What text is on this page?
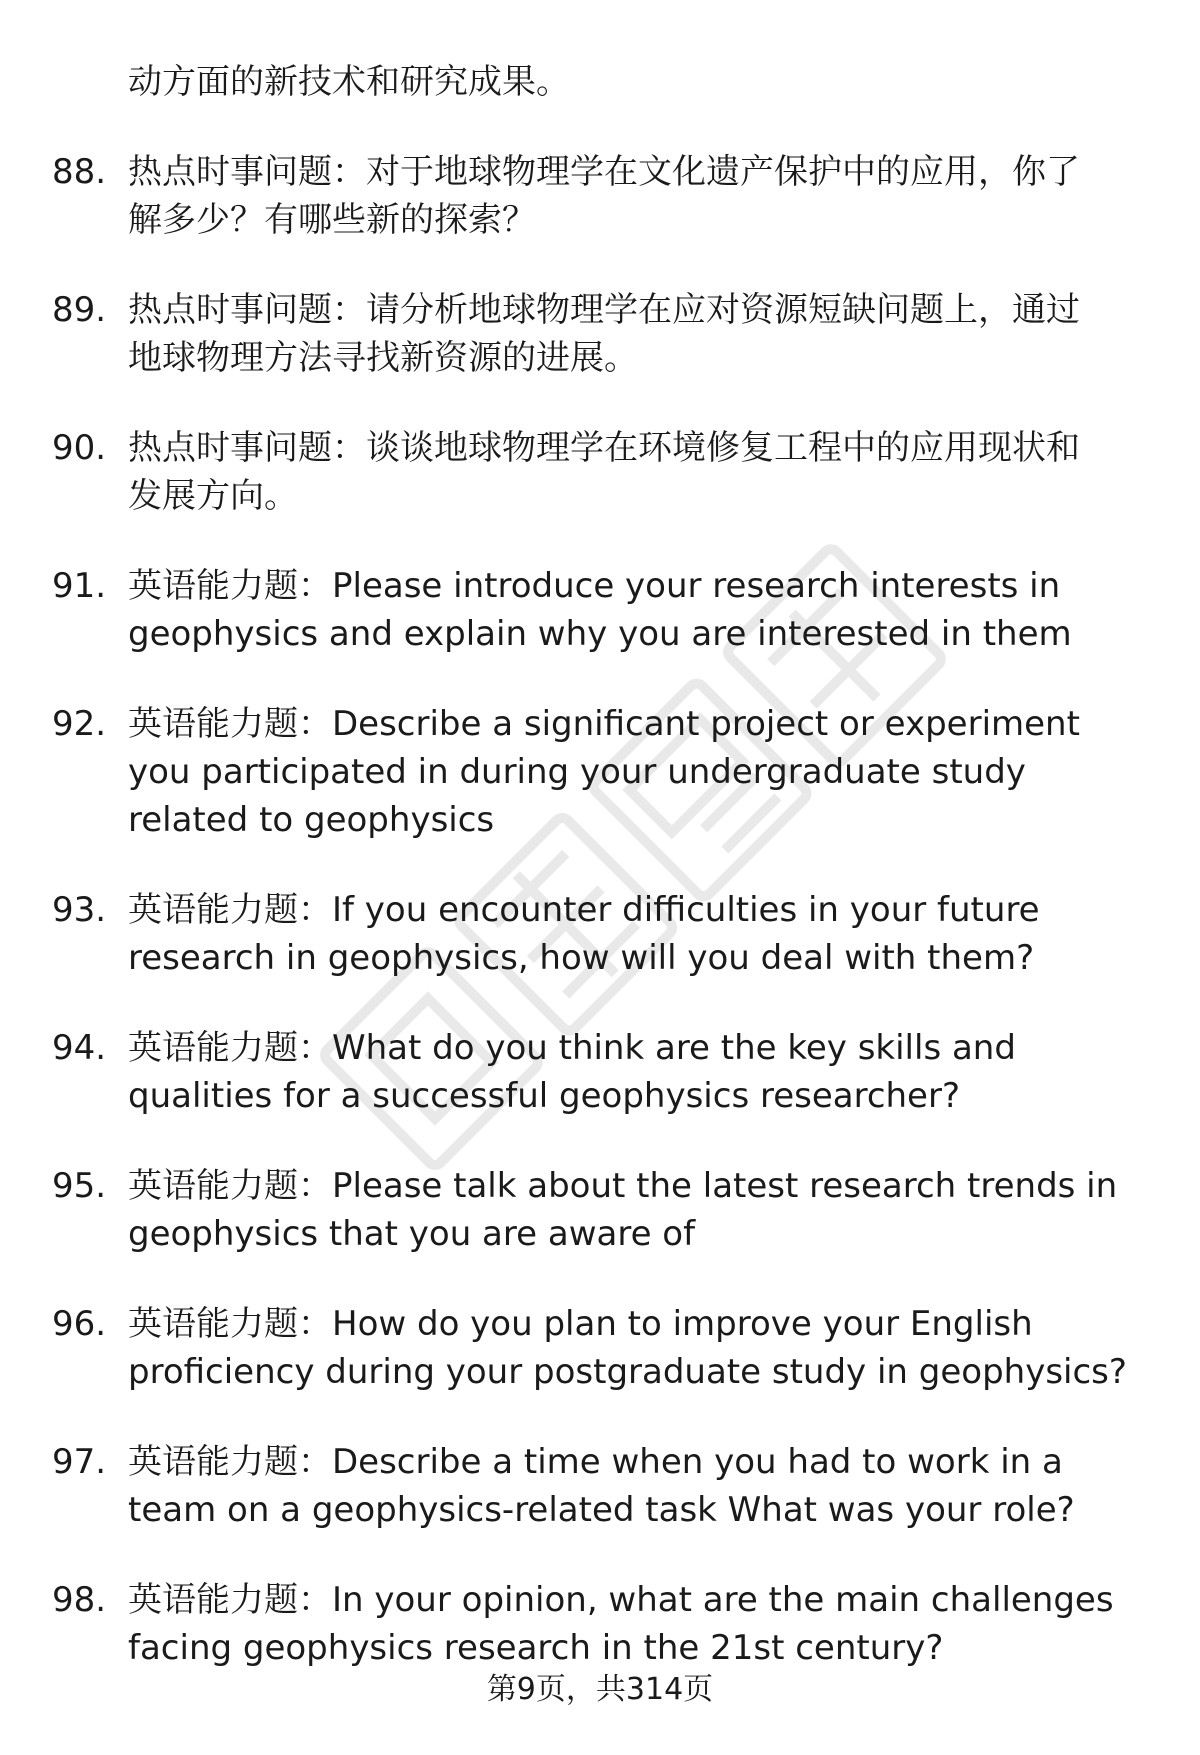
动方面的新技术和研究成果。
88. 热点时事问题：对于地球物理学在文化遗产保护中的应用，你了
解多少？有哪些新的探索？
89. 热点时事问题：请分析地球物理学在应对资源短缺问题上，通过
地球物理方法寻找新资源的进展。
90. 热点时事问题：谈谈地球物理学在环境修复工程中的应用现状和
发展方向。
91. 英语能力题：Please introduce your research interests in
geophysics and explain why you are interested in them
92. 英语能力题：Describe a significant project or experiment
you participated in during your undergraduate study
related to geophysics
93. 英语能力题：If you encounter difficulties in your future
research in geophysics, how will you deal with them?
94. 英语能力题：What do you think are the key skills and
qualities for a successful geophysics researcher?
95. 英语能力题：Please talk about the latest research trends in
geophysics that you are aware of
96. 英语能力题：How do you plan to improve your English
proficiency during your postgraduate study in geophysics?
97. 英语能力题：Describe a time when you had to work in a
team on a geophysics-related task What was your role?
98. 英语能力题：In your opinion, what are the main challenges
facing geophysics research in the 21st century?
第9页，共314页
